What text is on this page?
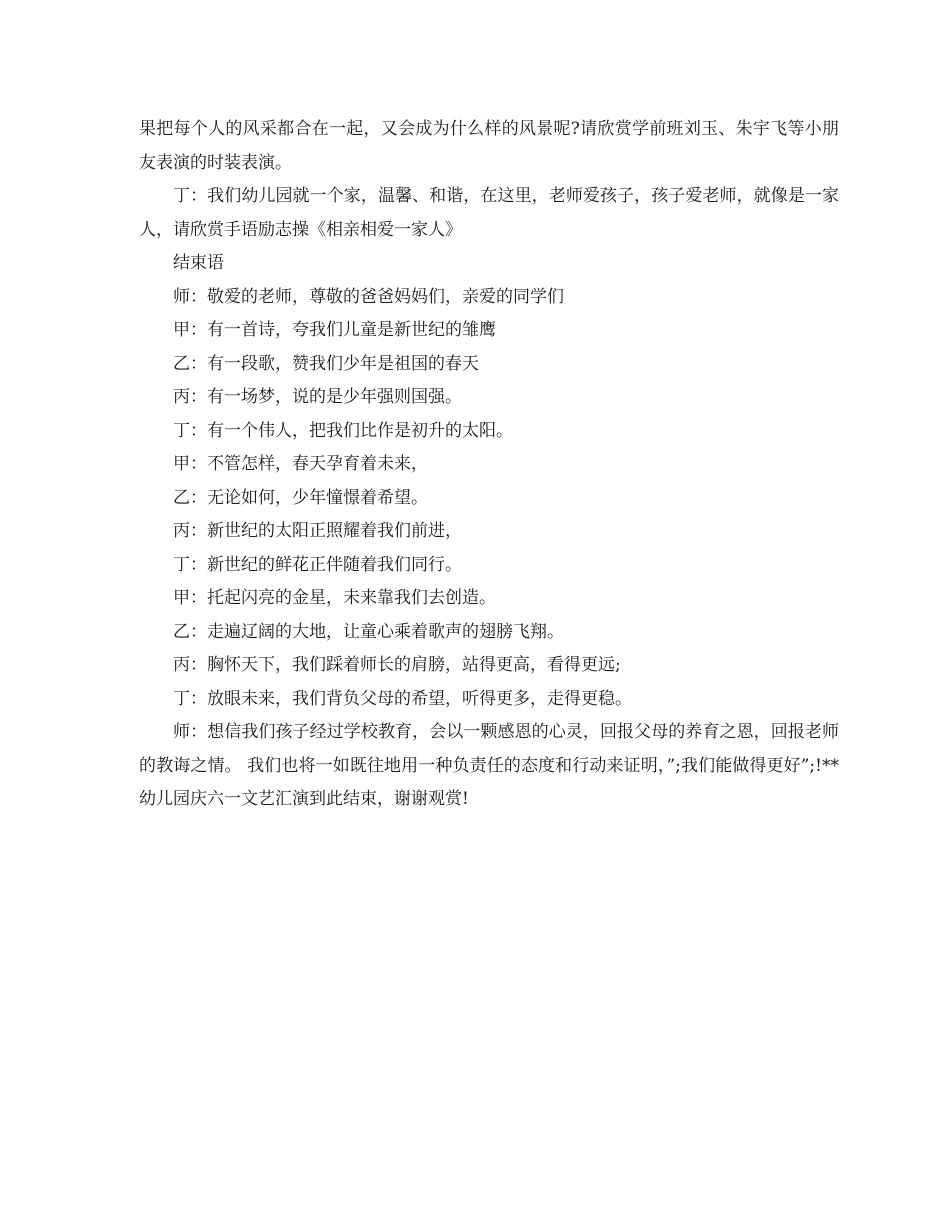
果把每个人的风采都合在一起，又会成为什么样的风景呢?请欣赏学前班刘玉、朱宇飞等小朋友表演的时装表演。

丁：我们幼儿园就一个家，温馨、和谐，在这里，老师爱孩子，孩子爱老师，就像是一家人，请欣赏手语励志操《相亲相爱一家人》

结束语

师：敬爱的老师，尊敬的爸爸妈妈们，亲爱的同学们

甲：有一首诗，夸我们儿童是新世纪的雏鹰

乙：有一段歌，赞我们少年是祖国的春天

丙：有一场梦，说的是少年强则国强。

丁：有一个伟人，把我们比作是初升的太阳。

甲：不管怎样，春天孕育着未来，

乙：无论如何，少年憧憬着希望。

丙：新世纪的太阳正照耀着我们前进，

丁：新世纪的鲜花正伴随着我们同行。

甲：托起闪亮的金星，未来靠我们去创造。

乙：走遍辽阔的大地，让童心乘着歌声的翅膀飞翔。

丙：胸怀天下，我们踩着师长的肩膀，站得更高，看得更远;

丁：放眼未来，我们背负父母的希望，听得更多，走得更稳。

师：想信我们孩子经过学校教育，会以一颗感恩的心灵，回报父母的养育之恩，回报老师的教诲之情。 我们也将一如既往地用一种负责任的态度和行动来证明，”;我们能做得更好”;!**幼儿园庆六一文艺汇演到此结束，谢谢观赏!
